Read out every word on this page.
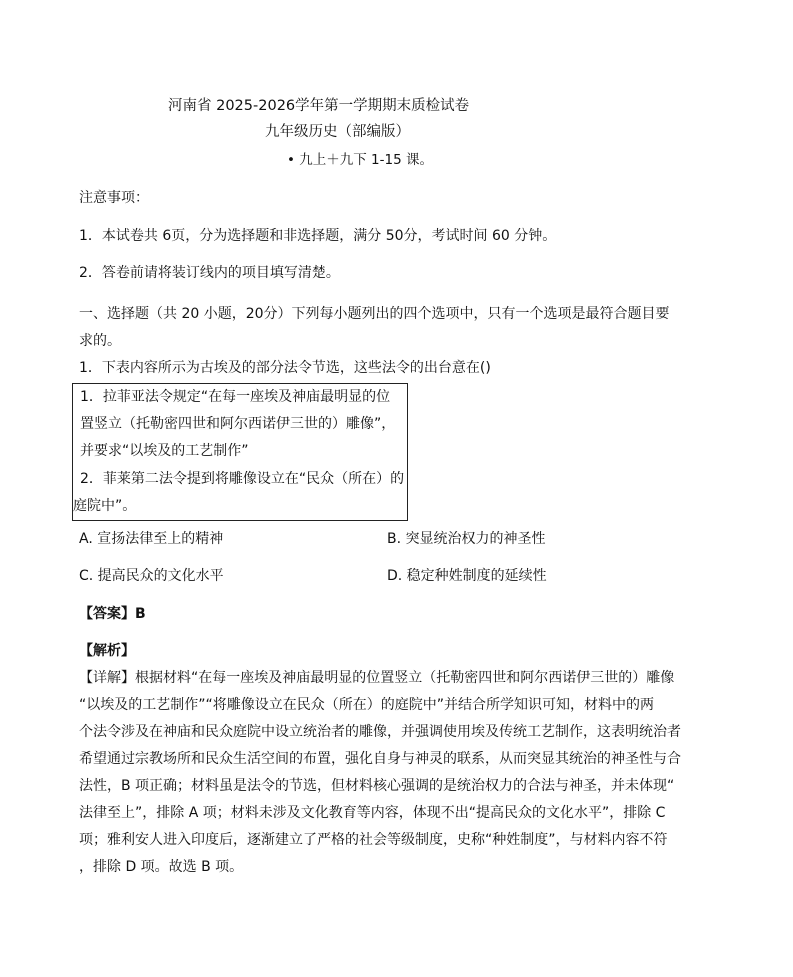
河南省 2025-2026学年第一学期期末质检试卷
九年级历史（部编版）
• 九上＋九下 1-15 课。
注意事项：
1．本试卷共 6页，分为选择题和非选择题，满分 50分，考试时间 60 分钟。
2．答卷前请将装订线内的项目填写清楚。
一、选择题（共 20 小题，20分）下列每小题列出的四个选项中，只有一个选项是最符合题目要
求的。
1．下表内容所示为古埃及的部分法令节选，这些法令的出台意在()
1．拉菲亚法令规定“在每一座埃及神庙最明显的位
置竖立（托勒密四世和阿尔西诺伊三世的）雕像”，
并要求“以埃及的工艺制作”
2．菲莱第二法令提到将雕像设立在“民众（所在）的
庭院中”。
A. 宣扬法律至上的精神	B. 突显统治权力的神圣性
C. 提高民众的文化水平	D. 稳定种姓制度的延续性
【答案】B
【解析】
【详解】根据材料“在每一座埃及神庙最明显的位置竖立（托勒密四世和阿尔西诺伊三世的）雕像
“以埃及的工艺制作”“将雕像设立在民众（所在）的庭院中”并结合所学知识可知，材料中的两
个法令涉及在神庙和民众庭院中设立统治者的雕像，并强调使用埃及传统工艺制作，这表明统治者
希望通过宗教场所和民众生活空间的布置，强化自身与神灵的联系，从而突显其统治的神圣性与合
法性，B 项正确；材料虽是法令的节选，但材料核心强调的是统治权力的合法与神圣，并未体现“
法律至上”，排除 A 项；材料未涉及文化教育等内容，体现不出“提高民众的文化水平”，排除 C
项；雅利安人进入印度后，逐渐建立了严格的社会等级制度，史称“种姓制度”，与材料内容不符
，排除 D 项。故选 B 项。
